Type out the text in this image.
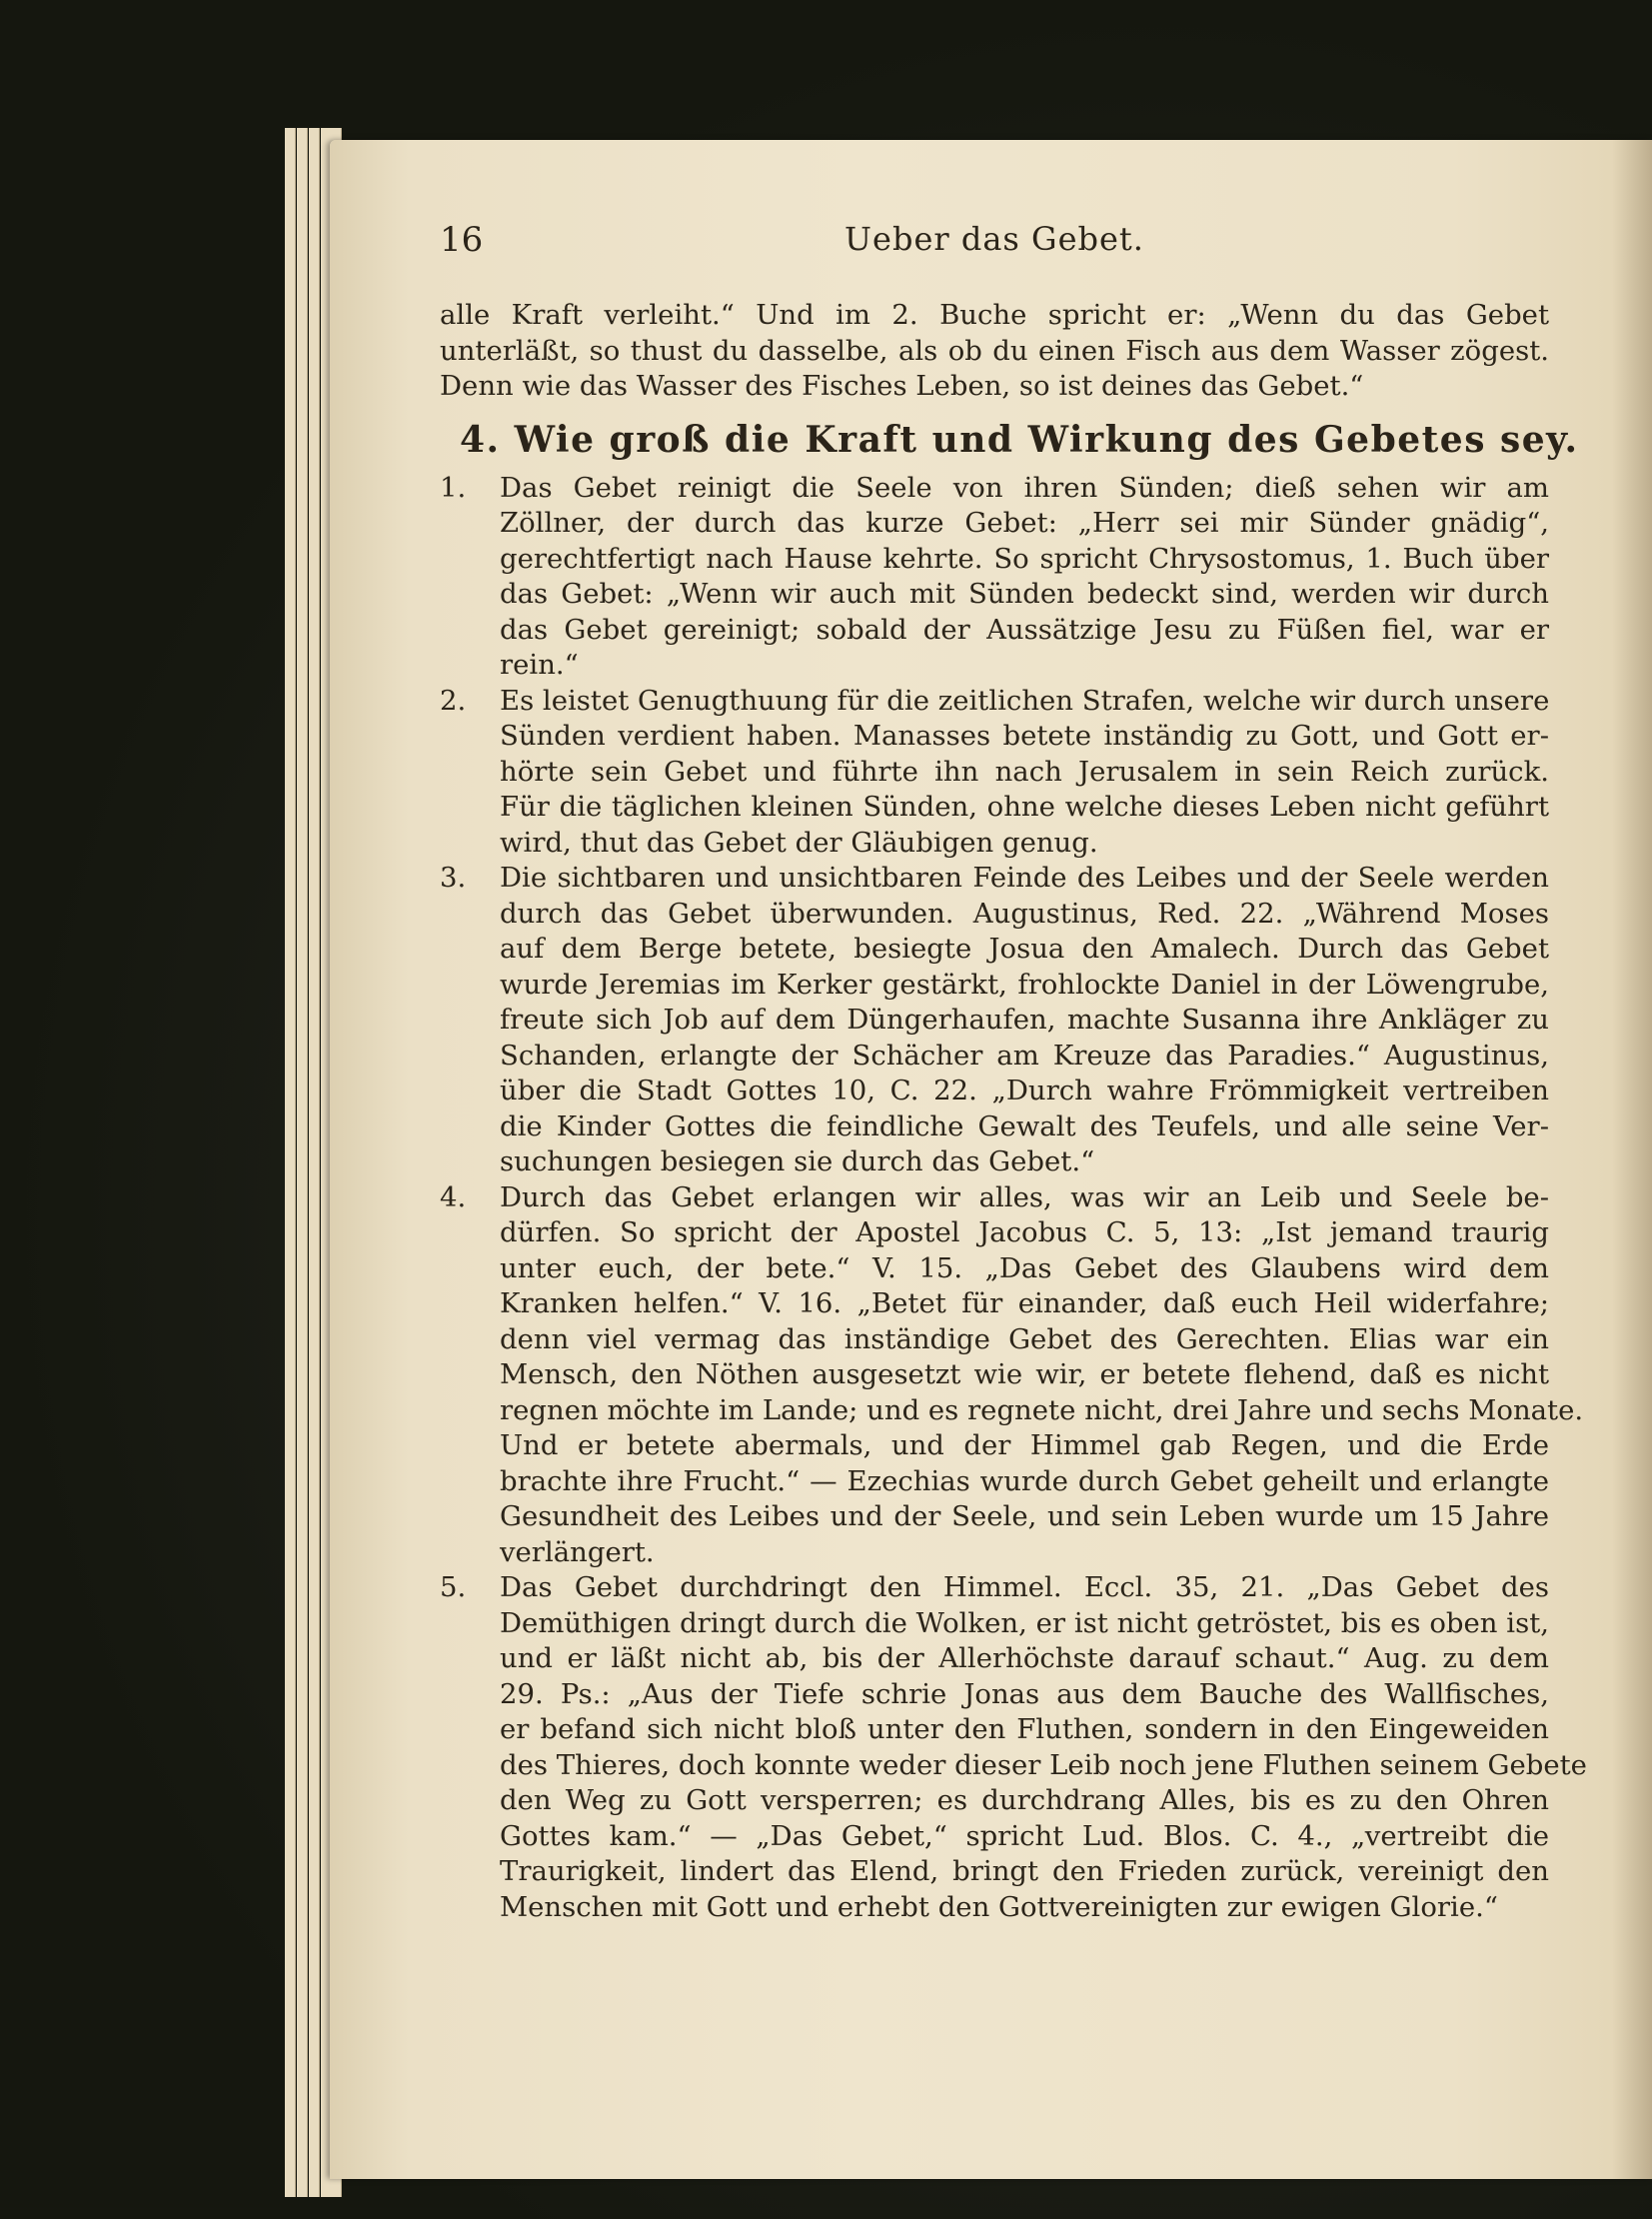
Ueber das Gebet.
16
alle Kraft verleiht.“ Und im 2. Buche spricht er: „Wenn du das Gebet
unterläßt, so thust du dasselbe, als ob du einen Fisch aus dem Wasser zögest.
Denn wie das Wasser des Fisches Leben, so ist deines das Gebet.“
4. Wie groß die Kraft und Wirkung des Gebetes sey.
1. Das Gebet reinigt die Seele von ihren Sünden; dieß sehen wir am
Zöllner, der durch das kurze Gebet: „Herr sei mir Sünder gnädig“,
gerechtfertigt nach Hause kehrte. So spricht Chrysostomus, 1. Buch über
das Gebet: „Wenn wir auch mit Sünden bedeckt sind, werden wir durch
das Gebet gereinigt; sobald der Aussätzige Jesu zu Füßen fiel, war er
rein.“
2. Es leistet Genugthuung für die zeitlichen Strafen, welche wir durch unsere
Sünden verdient haben. Manasses betete inständig zu Gott, und Gott er-
hörte sein Gebet und führte ihn nach Jerusalem in sein Reich zurück.
Für die täglichen kleinen Sünden, ohne welche dieses Leben nicht geführt
wird, thut das Gebet der Gläubigen genug.
3. Die sichtbaren und unsichtbaren Feinde des Leibes und der Seele werden
durch das Gebet überwunden. Augustinus, Red. 22. „Während Moses
auf dem Berge betete, besiegte Josua den Amalech. Durch das Gebet
wurde Jeremias im Kerker gestärkt, frohlockte Daniel in der Löwengrube,
freute sich Job auf dem Düngerhaufen, machte Susanna ihre Ankläger zu
Schanden, erlangte der Schächer am Kreuze das Paradies.“ Augustinus,
über die Stadt Gottes 10, C. 22. „Durch wahre Frömmigkeit vertreiben
die Kinder Gottes die feindliche Gewalt des Teufels, und alle seine Ver-
suchungen besiegen sie durch das Gebet.“
4. Durch das Gebet erlangen wir alles, was wir an Leib und Seele be-
dürfen. So spricht der Apostel Jacobus C. 5, 13: „Ist jemand traurig
unter euch, der bete.“ V. 15. „Das Gebet des Glaubens wird dem
Kranken helfen.“ V. 16. „Betet für einander, daß euch Heil widerfahre;
denn viel vermag das inständige Gebet des Gerechten. Elias war ein
Mensch, den Nöthen ausgesetzt wie wir, er betete flehend, daß es nicht
regnen möchte im Lande; und es regnete nicht, drei Jahre und sechs Monate.
Und er betete abermals, und der Himmel gab Regen, und die Erde
brachte ihre Frucht.“ — Ezechias wurde durch Gebet geheilt und erlangte
Gesundheit des Leibes und der Seele, und sein Leben wurde um 15 Jahre
verlängert.
5. Das Gebet durchdringt den Himmel. Eccl. 35, 21. „Das Gebet des
Demüthigen dringt durch die Wolken, er ist nicht getröstet, bis es oben ist,
und er läßt nicht ab, bis der Allerhöchste darauf schaut.“ Aug. zu dem
29. Ps.: „Aus der Tiefe schrie Jonas aus dem Bauche des Wallfisches,
er befand sich nicht bloß unter den Fluthen, sondern in den Eingeweiden
des Thieres, doch konnte weder dieser Leib noch jene Fluthen seinem Gebete
den Weg zu Gott versperren; es durchdrang Alles, bis es zu den Ohren
Gottes kam.“ — „Das Gebet,“ spricht Lud. Blos. C. 4., „vertreibt die
Traurigkeit, lindert das Elend, bringt den Frieden zurück, vereinigt den
Menschen mit Gott und erhebt den Gottvereinigten zur ewigen Glorie.“
